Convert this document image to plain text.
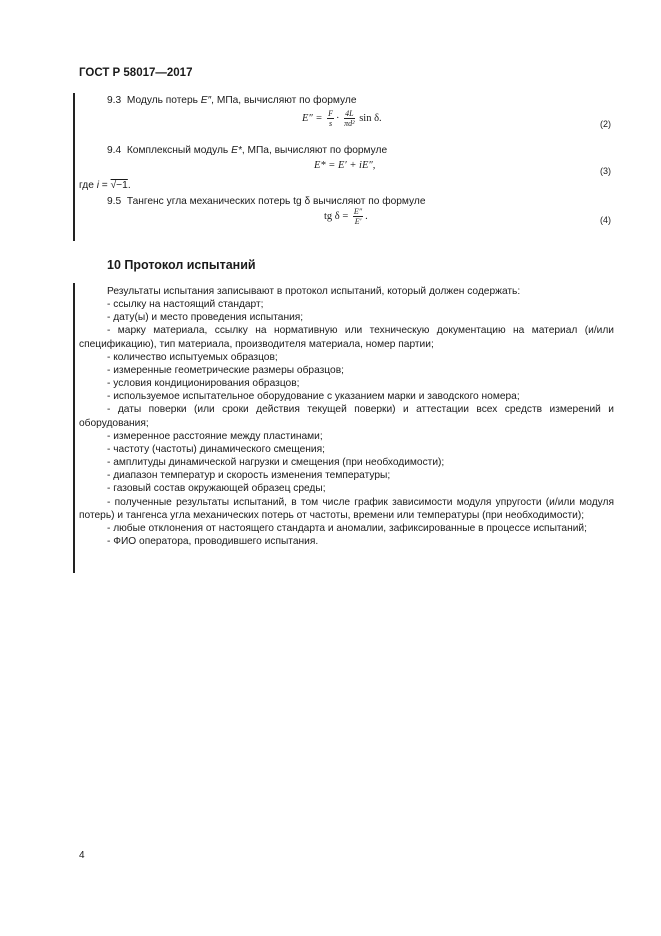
ГОСТ Р 58017—2017
9.3 Модуль потерь E″, МПа, вычисляют по формуле
$E'' = \frac{F}{s} \cdot \frac{4L}{\text{πd²}}$ sin δ.
(2)
9.4 Комплексный модуль E*, МПа, вычисляют по формуле
E* = E′ + iE″,	(3)
где i = √−1.
9.5 Тангенс угла механических потерь tg δ вычисляют по формуле
tg $\delta = \frac{E''}{E'}$ .	(4)
10 Протокол испытаний

Результаты испытания записывают в протокол испытаний, который должен содержать:

- ссылку на настоящий стандарт;

- дату(ы) и место проведения испытания;

- марку материала, ссылку на нормативную или техническую документацию на материал (и/или спецификацию), тип материала, производителя материала, номер партии;

- количество испытуемых образцов;

- измеренные геометрические размеры образцов;

- условия кондиционирования образцов;

- используемое испытательное оборудование с указанием марки и заводского номера;

- даты поверки (или сроки действия текущей поверки) и аттестации всех средств измерений и оборудования;

- измеренное расстояние между пластинами;

- частоту (частоты) динамического смещения;

- амплитуды динамической нагрузки и смещения (при необходимости);

- диапазон температур и скорость изменения температуры;

- газовый состав окружающей образец среды;

- полученные результаты испытаний, в том числе график зависимости модуля упругости (и/или модуля потерь) и тангенса угла механических потерь от частоты, времени или температуры (при необходимости);

- любые отклонения от настоящего стандарта и аномалии, зафиксированные в процессе испытаний;

- ФИО оператора, проводившего испытания.

4
